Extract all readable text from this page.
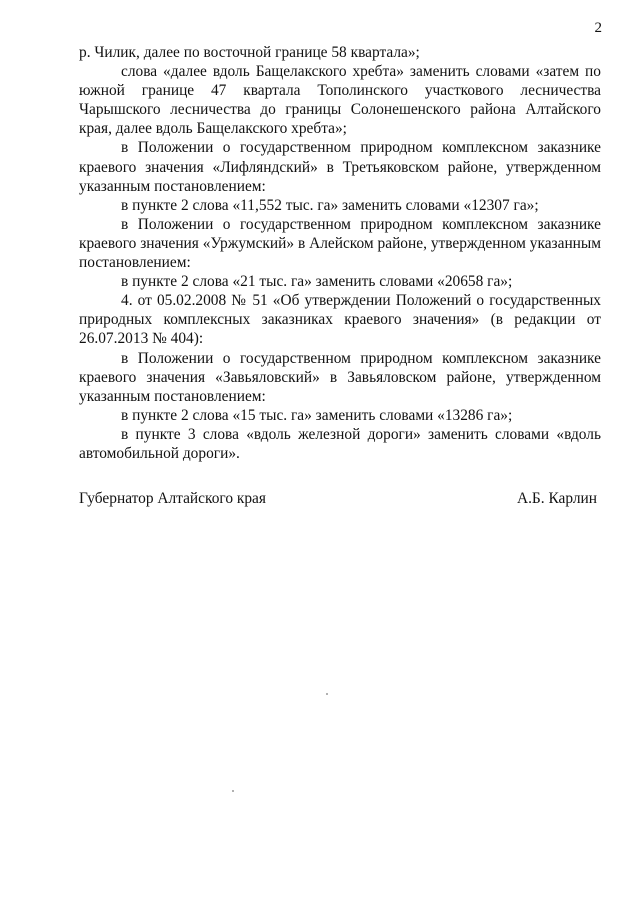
2

р. Чилик, далее по восточной границе 58 квартала»;

слова «далее вдоль Бащелакского хребта» заменить словами «затем по южной границе 47 квартала Тополинского участкового лесничества Чарышского лесничества до границы Солонешенского района Алтайского края, далее вдоль Бащелакского хребта»;

в Положении о государственном природном комплексном заказнике краевого значения «Лифляндский» в Третьяковском районе, утвержденном указанным постановлением:

в пункте 2 слова «11,552 тыс. га» заменить словами «12307 га»;

в Положении о государственном природном комплексном заказнике краевого значения «Уржумский» в Алейском районе, утвержденном указанным постановлением:

в пункте 2 слова «21 тыс. га» заменить словами «20658 га»;

4. от 05.02.2008 № 51 «Об утверждении Положений о государственных природных комплексных заказниках краевого значения» (в редакции от 26.07.2013 № 404):

в Положении о государственном природном комплексном заказнике краевого значения «Завьяловский» в Завьяловском районе, утвержденном указанным постановлением:

в пункте 2 слова «15 тыс. га» заменить словами «13286 га»;

в пункте 3 слова «вдоль железной дороги» заменить словами «вдоль автомобильной дороги».

Губернатор Алтайского края	А.Б. Карлин
